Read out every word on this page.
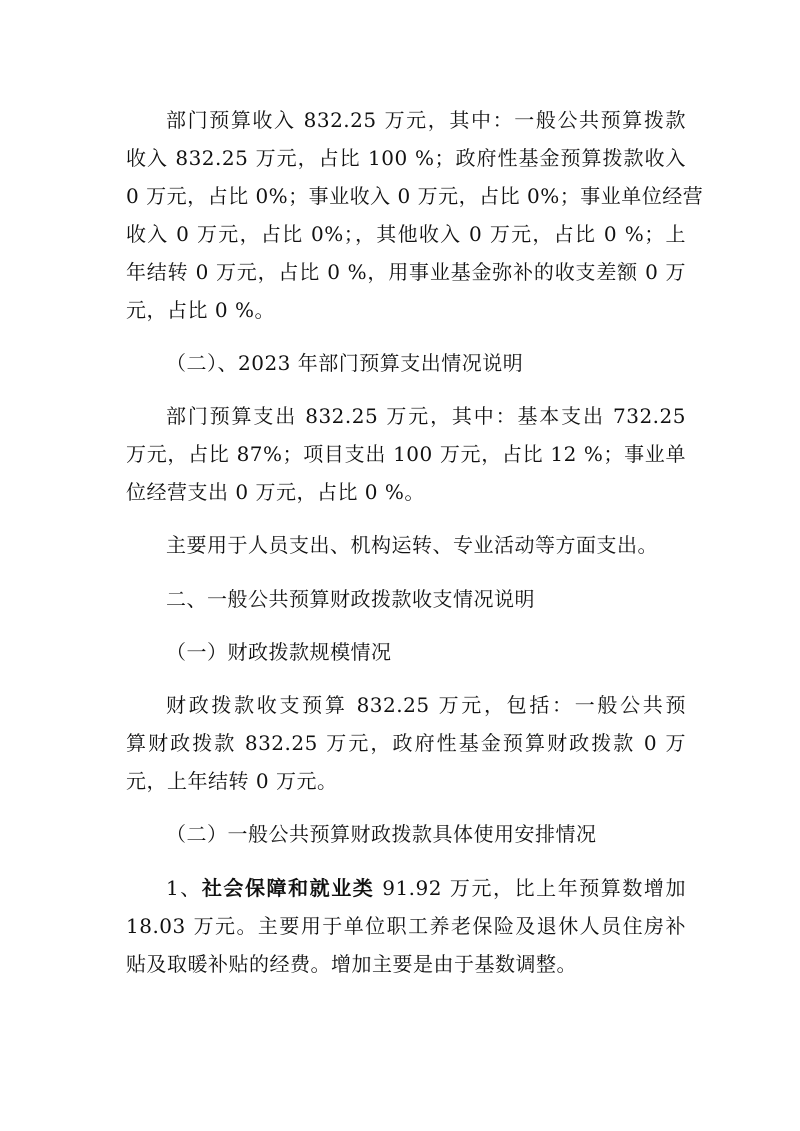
部门预算收入 832.25 万元，其中：一般公共预算拨款
收入 832.25 万元，占比 100 %；政府性基金预算拨款收入
0 万元，占比 0%；事业收入 0 万元，占比 0%；事业单位经营
收入 0 万元，占比 0%；，其他收入 0 万元，占比 0 %；上
年结转 0 万元，占比 0 %，用事业基金弥补的收支差额 0 万
元，占比 0 %。
（二）、2023 年部门预算支出情况说明
部门预算支出 832.25 万元，其中：基本支出 732.25
万元，占比 87%；项目支出 100 万元，占比 12 %；事业单
位经营支出 0 万元，占比 0 %。
主要用于人员支出、机构运转、专业活动等方面支出。
二、一般公共预算财政拨款收支情况说明
（一）财政拨款规模情况
财政拨款收支预算 832.25 万元，包括：一般公共预
算财政拨款 832.25 万元，政府性基金预算财政拨款 0 万
元，上年结转 0 万元。
（二）一般公共预算财政拨款具体使用安排情况
1、社会保障和就业类 91.92 万元，比上年预算数增加
18.03 万元。主要用于单位职工养老保险及退休人员住房补
贴及取暖补贴的经费。增加主要是由于基数调整。
